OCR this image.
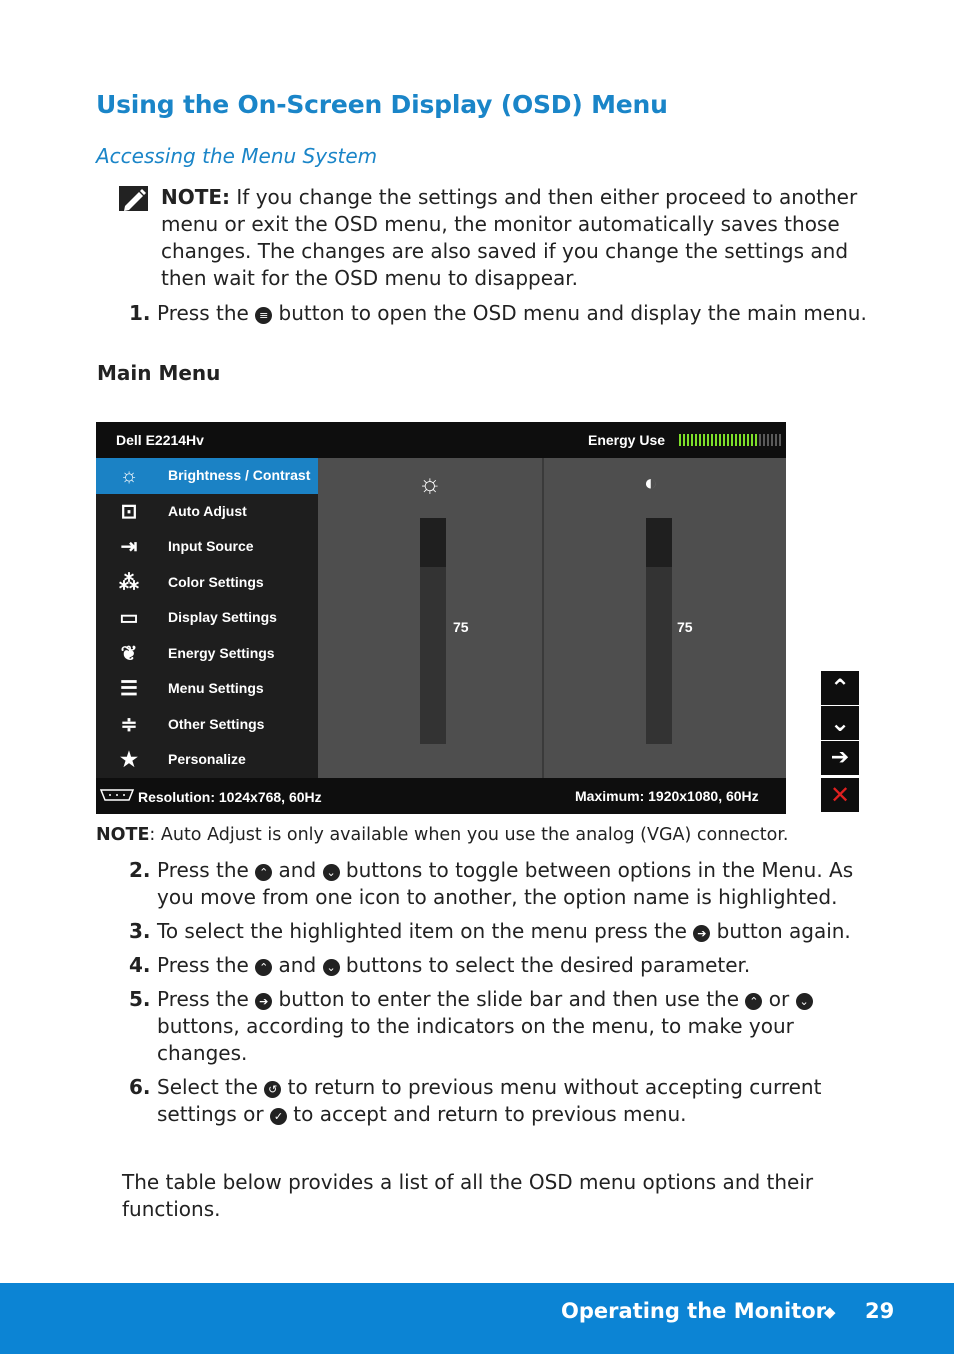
Using the On-Screen Display (OSD) Menu
Accessing the Menu System
NOTE: If you change the settings and then either proceed to another menu or exit the OSD menu, the monitor automatically saves those changes. The changes are also saved if you change the settings and then wait for the OSD menu to disappear.
1. Press the ≡ button to open the OSD menu and display the main menu.
Main Menu
Dell E2214Hv	Energy Use
☼ Brightness / Contrast
⊡	Auto Adjust
⇥	Input Source
⁂ Color Settings
▭ Display Settings
❦	Energy Settings
☰ Menu Settings
≑	Other Settings
★ Personalize
☼
75
◐
75
Resolution: 1024x768, 60Hz	Maximum: 1920x1080, 60Hz
⌃
⌄
➔
✕
NOTE: Auto Adjust is only available when you use the analog (VGA) connector.
2. Press the ⌃ and ⌄ buttons to toggle between options in the Menu. As you move from one icon to another, the option name is highlighted.
3. To select the highlighted item on the menu press the ➔ button again.
4. Press the ⌃ and ⌄ buttons to select the desired parameter.
5. Press the ➔ button to enter the slide bar and then use the ⌃ or ⌄ buttons, according to the indicators on the menu, to make your changes.
6. Select the ↺ to return to previous menu without accepting current settings or ✓ to accept and return to previous menu.
The table below provides a list of all the OSD menu options and their functions.
Operating the Monitor
◆ 29
